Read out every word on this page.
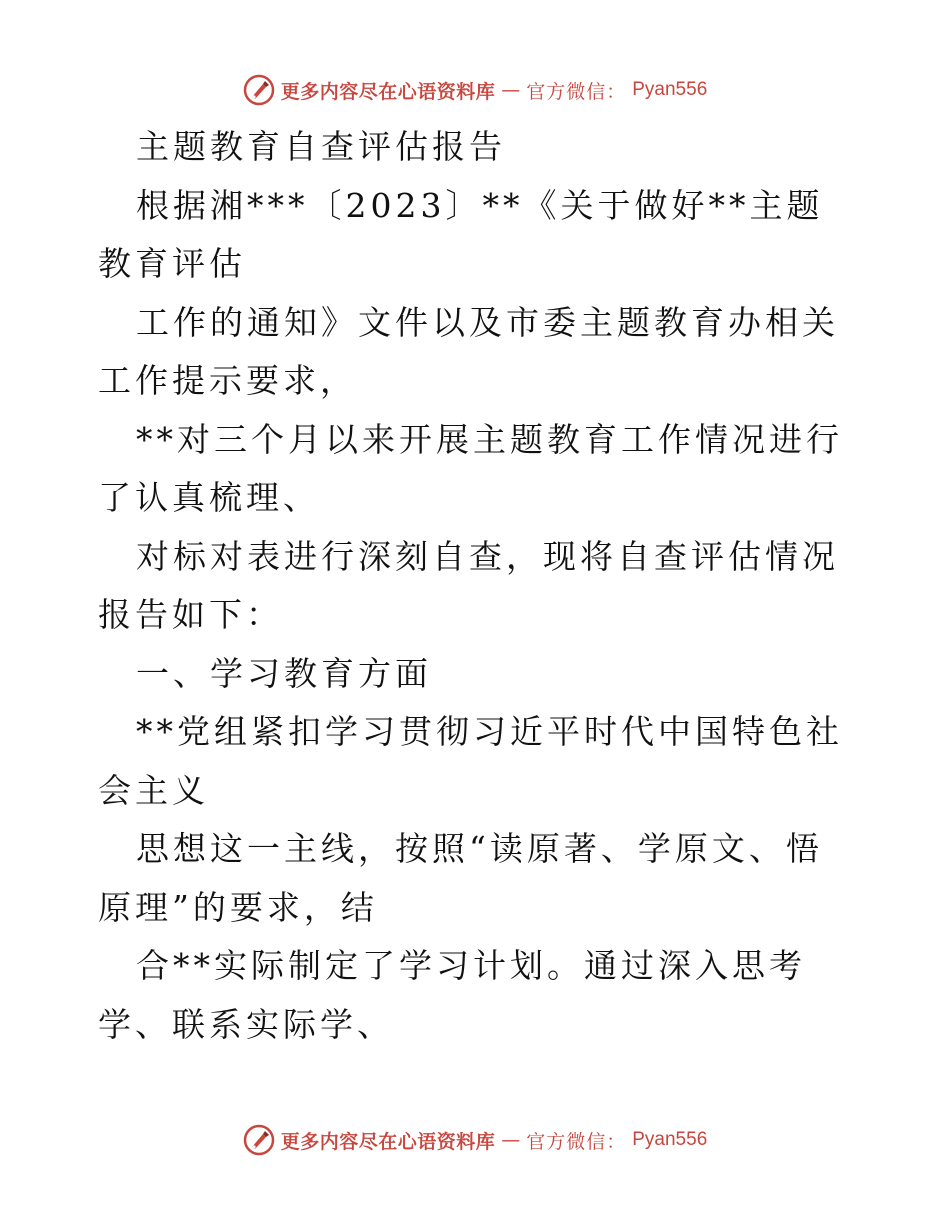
更多内容尽在心语资料库 — 官方微信： Pyan556

主题教育自查评估报告

根据湘***〔2023〕**《关于做好**主题教育评估

工作的通知》文件以及市委主题教育办相关工作提示要求，

**对三个月以来开展主题教育工作情况进行了认真梳理、

对标对表进行深刻自查，现将自查评估情况报告如下：

一、学习教育方面

**党组紧扣学习贯彻习近平时代中国特色社会主义

思想这一主线，按照“读原著、学原文、悟原理”的要求，结

合**实际制定了学习计划。通过深入思考学、联系实际学、

更多内容尽在心语资料库 — 官方微信： Pyan556
